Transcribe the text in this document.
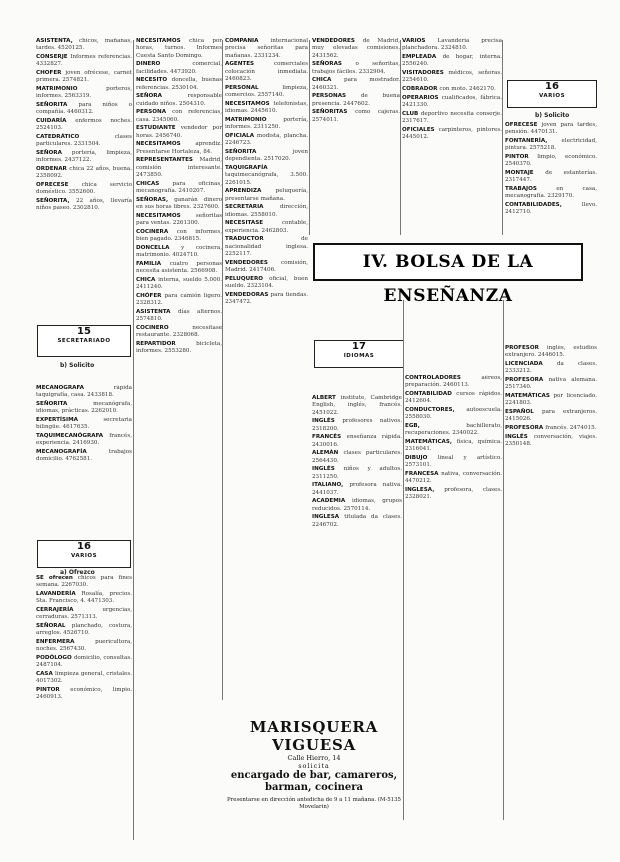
ASISTENTA, chicos, mañanas, tardes. 4520125.

CONSERJE Informes referencias. 4332827.

CHOFER joven ofrécese, carnet primera. 2574821.

MATRIMONIO porteros, informes. 2563319.

SEÑORITA para niños o compañía. 4460312.

CUIDARÍA enfermos noches. 2524103.

CATEDRÁTICO clases particulares. 2331504.

SEÑORA portería, limpieza, informes. 2437122.

ORDENAR chica 22 años, buena. 2358092.

OFRECESE chica servicio doméstico. 3552600.

SEÑORITA, 22 años, llevaría niños paseo. 2302810.

MECANÓGRAFA rápida taquigrafía, casa. 2433818.

SEÑORITA mecanógrafa, idiomas, prácticas. 2262010.

EXPERTÍSIMA secretaria bilingüe. 4617635.

TAQUIMECANÓGRAFA francés, experiencia. 2416930.

MECANOGRAFÍA trabajos domicilio. 4762581.

SE ofrecen chicos para fines semana. 2267030.

LAVANDERÍA Rosalía, precios. Sta. Francisco, 4. 4471303.

CERRAJERÍA urgencias, cerraduras. 2571313.

SEÑORAL planchado, costura, arreglos. 4526710.

ENFERMERA puericultora, noches. 2567430.

PODÓLOGO domicilio, consultas. 2487104.

CASA limpieza general, cristales. 4017302.

PINTOR económico, limpio. 2460913.

NECESITAMOS chica por horas, turnos. Informes Cuesta Santo Domingo.

DINERO comercial, facilidades. 4473920.

NECESITO doncella, buenas referencias. 2530104.

SEÑORA responsable cuidado niños. 2504310.

PERSONA con referencias, casa. 2345060.

ESTUDIANTE vendedor por horas. 2456740.

NECESITAMOS aprendiz. Presentarse Hortaleza, 84.

REPRESENTANTES Madrid, comisión interesante. 2473850.

CHICAS para oficinas, mecanografía. 2410207.

SEÑORAS, ganarán dinero en sus horas libres. 2327600.

NECESITAMOS señoritas para ventas. 2261300.

COCINERA con informes, bien pagado. 2346815.

DONCELLA y cocinera, matrimonio. 4024710.

FAMILIA cuatro personas necesita asistenta. 2566908.

CHICA interna, sueldo 5.000. 2411240.

CHÓFER para camión ligero. 2328312.

ASISTENTA días alternos. 2574810.

COCINERO necesitase restaurante. 2328068.

REPARTIDOR bicicleta, informes. 2553280.

COMPAÑÍA internacional precisa señoritas para mañanas. 2331234.

AGENTES comerciales colocación inmediata. 2460823.

PERSONAL limpieza, comercios. 2557140.

NECESITAMOS telefonistas, idiomas. 2445610.

MATRIMONIO portería, informes. 2311250.

OFICIALA modista, plancha. 2246723.

SEÑORITA joven dependienta. 2517020.

TAQUIGRAFÍA taquimecanógrafa, 3.500. 2261015.

APRENDIZA peluquería, presentarse mañana.

SECRETARIA dirección, idiomas. 2558010.

NECESITASE contable, experiencia. 2462803.

TRADUCTOR de nacionalidad inglesa. 2252117.

VENDEDORES comisión, Madrid. 2417406.

PELUQUERO oficial, buen sueldo. 2323104.

VENDEDORAS para tiendas. 2347472.

VENDEDORES de Madrid, muy elevadas comisiones. 2431562.

SEÑORAS o señoritas, trabajos fáciles. 2332904.

CHICA para mostrador. 2460321.

PERSONAS de buena presencia. 2447602.

SEÑORITAS como cajeras. 2574011.

VARIOS Lavandería precisa planchadora. 2324810.

EMPLEADA de hogar, interna. 2556240.

VISITADORES médicos, señoras. 2254610.

COBRADOR con moto. 2462170.

OPERARIOS cualificados, fábrica. 2421330.

CLUB deportivo necesita conserje. 2317617.

OFICIALES carpinteros, pintores. 2445012.

OFRECESE joven para tardes, pensión. 4470131.

FONTANERÍA, electricidad, pintura. 2575218.

PINTOR limpio, económico. 2540370.

MONTAJE de estanterías. 2317447.

TRABAJOS en casa, mecanografía. 2329170.

CONTABILIDADES, llevo. 2412710.

ALBERT institute, Cambridge English, inglés, francés. 2451022.

INGLÉS profesores nativos. 2318200.

FRANCÉS enseñanza rápida. 2430016.

ALEMÁN clases particulares. 2564430.

INGLÉS niños y adultos. 2311250.

ITALIANO, profesora nativa. 2441037.

ACADEMIA idiomas, grupos reducidos. 2570114.

INGLESA titulada da clases. 2246702.

CONTROLADORES aéreos, preparación. 2460113.

CONTABILIDAD cursos rápidos. 2412604.

CONDUCTORES, autoescuela. 2558030.

EGB, bachillerato, recuperaciones. 2340022.

MATEMÁTICAS, física, química. 2316041.

DIBUJO lineal y artístico. 2573101.

FRANCESA nativa, conversación. 4470212.

INGLESA, profesora, clases. 2328021.

PROFESOR inglés, estudios extranjero. 2446015.

LICENCIADA da clases. 2333212.

PROFESORA nativa alemana. 2517340.

MATEMÁTICAS por licenciado. 2241803.

ESPAÑOL para extranjeros. 2415026.

PROFESORA francés. 2474015.

INGLÉS conversación, viajes. 2350148.

15
SECRETARIADO
b) Solicito
16
VARIOS
a) Ofrezco
16
VARIOS
b) Solicito
17
IDIOMAS
IV. BOLSA DE LA ENSEÑANZA
MARISQUERA VIGUESA
Calle Hierro, 14
solicita
encargado de bar, camareros,
barman, cocinera
Presentarse en dirección antedicha de 9 a 11 mañana. (M-5135 Movelarin)
